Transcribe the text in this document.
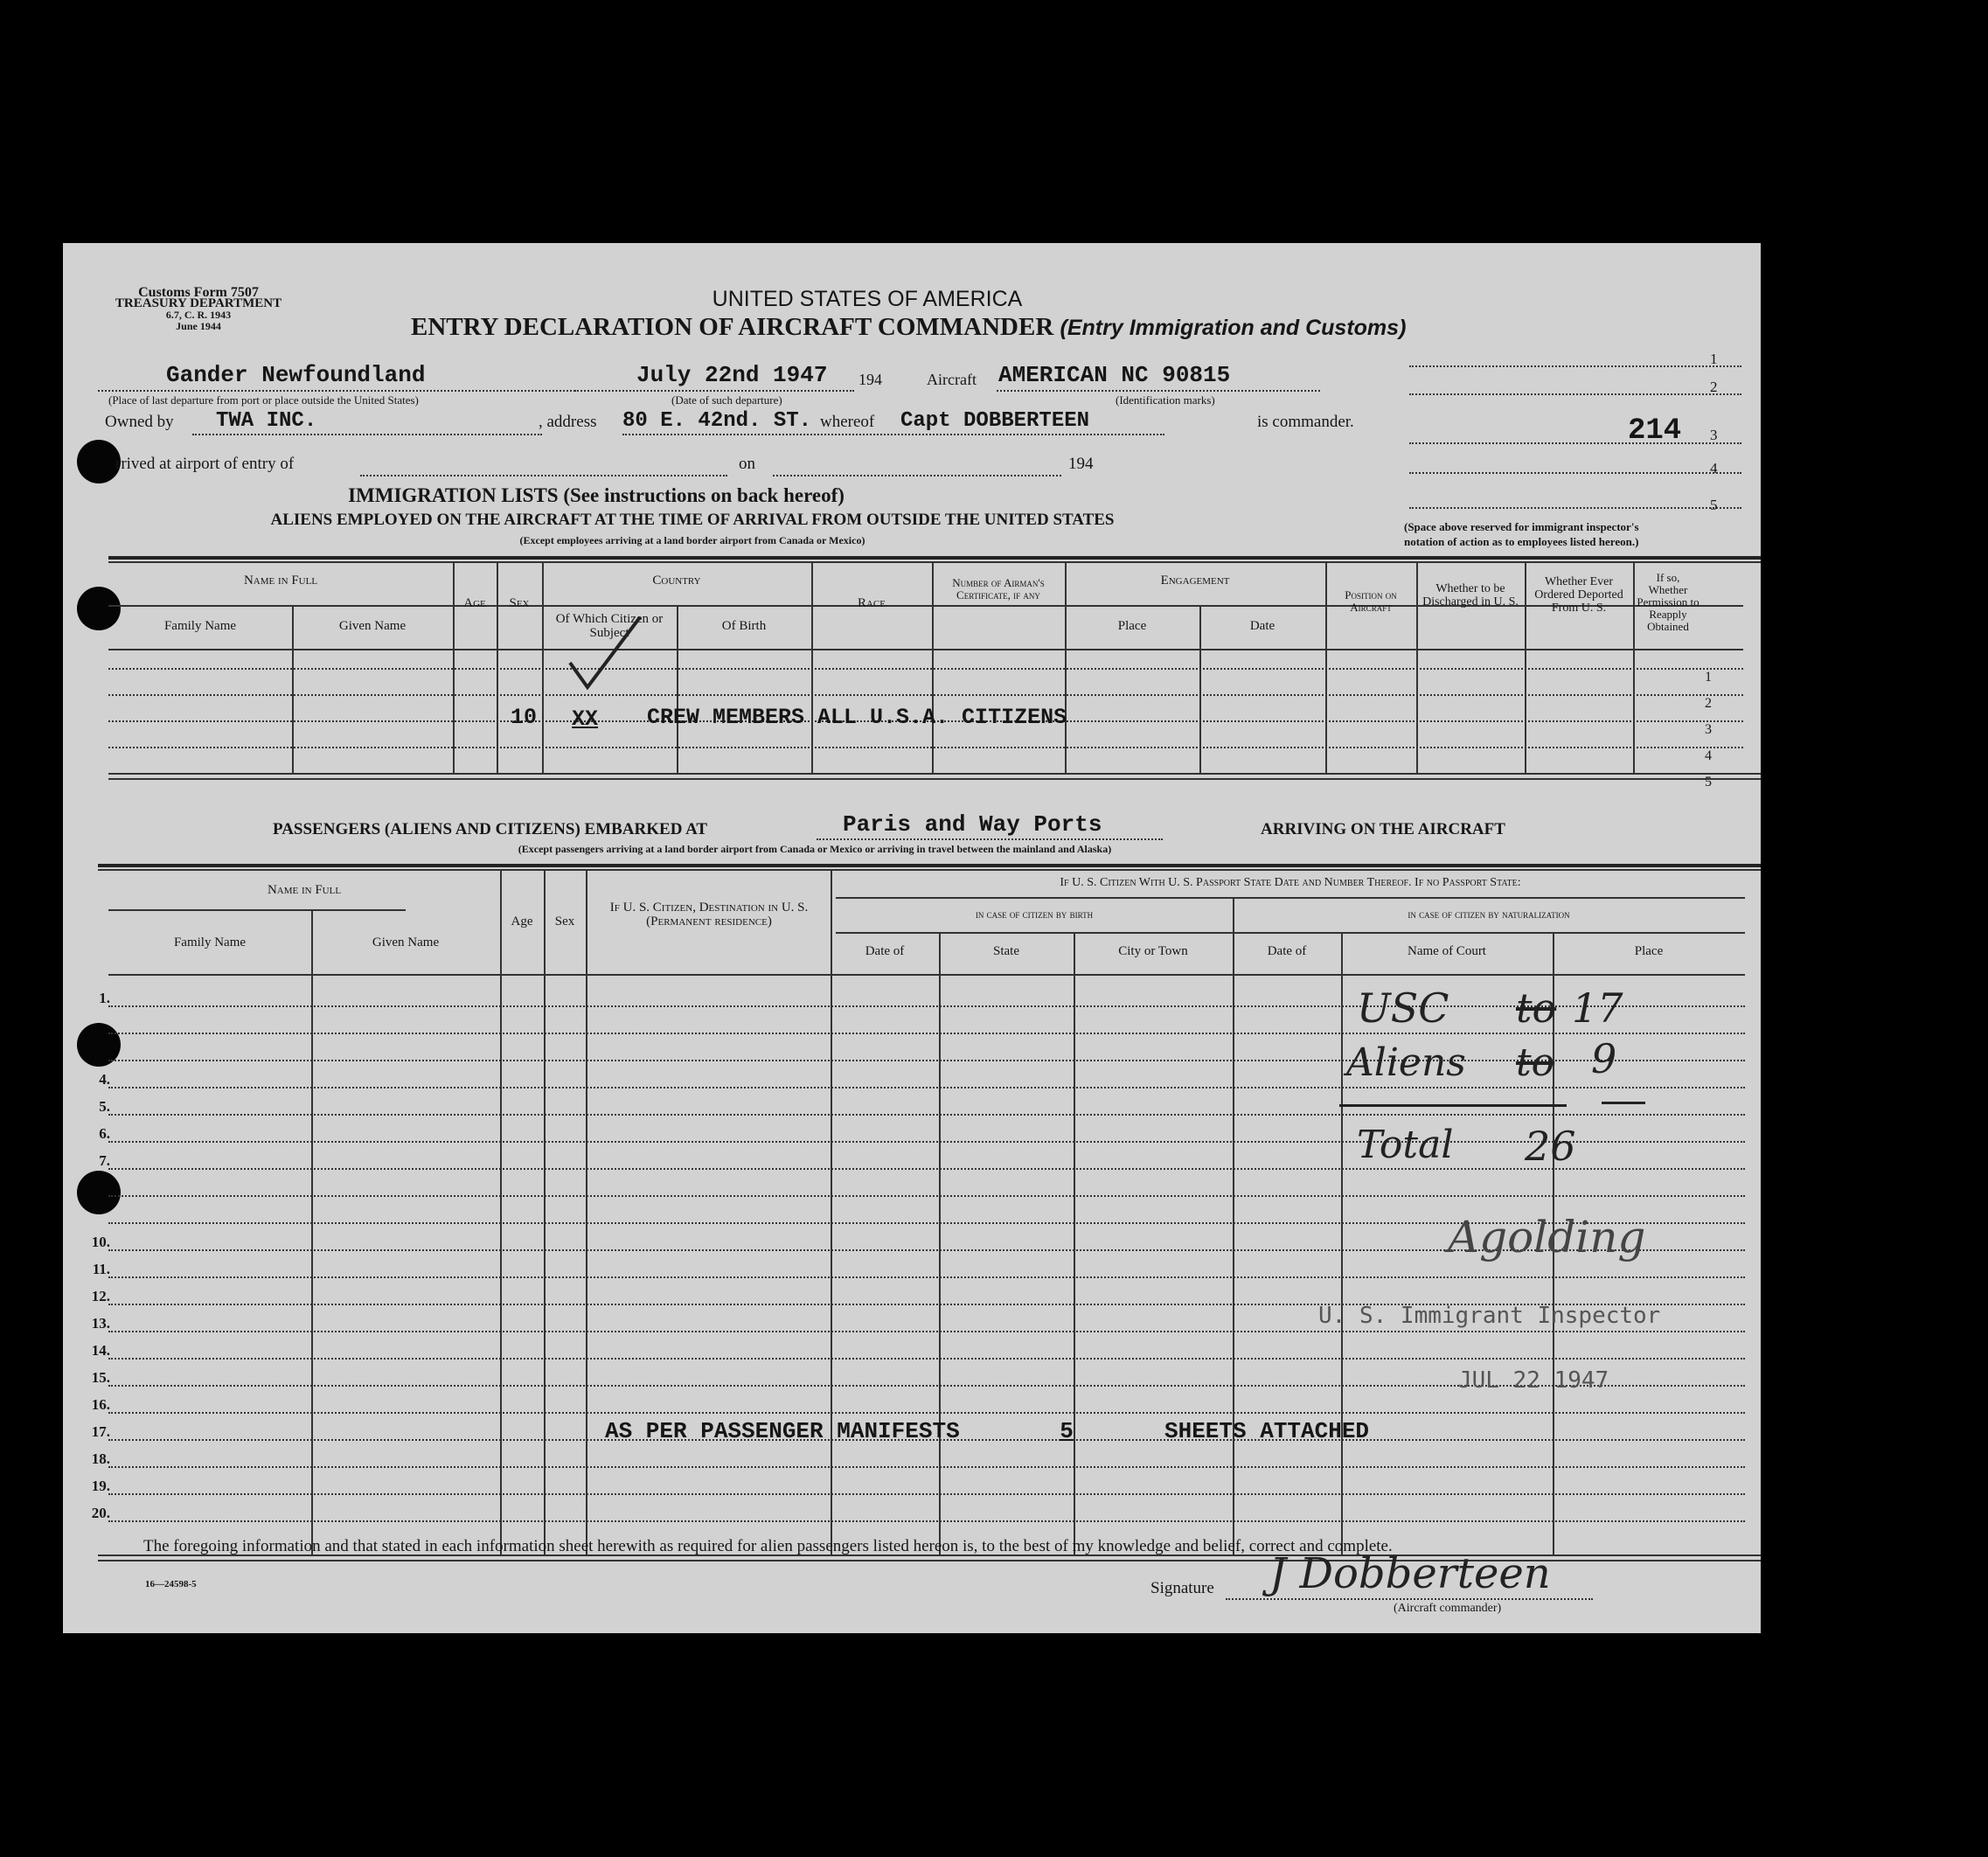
Customs Form 7507
TREASURY DEPARTMENT
6.7, C. R. 1943
June 1944
UNITED STATES OF AMERICA
ENTRY DECLARATION OF AIRCRAFT COMMANDER (Entry Immigration and Customs)
Gander Newfoundland
(Place of last departure from port or place outside the United States)
July 22nd 1947 194
(Date of such departure)
Aircraft AMERICAN NC 90815
(Identification marks)
Owned by TWA INC.	, address 80 E. 42nd. ST. whereof Capt DOBBERTEEN	is commander.
rrived at airport of entry of	on	194
1
2
3
214
4
5
(Space above reserved for immigrant inspector's
notation of action as to employees listed hereon.)
IMMIGRATION LISTS (See instructions on back hereof)
ALIENS EMPLOYED ON THE AIRCRAFT AT THE TIME OF ARRIVAL FROM OUTSIDE THE UNITED STATES
(Except employees arriving at a land border airport from Canada or Mexico)
Name in Full
Family Name	Given Name
Age	Sex
Country
Of Which Citizen or Subject	Of Birth
Race
Number of Airman's Certificate, if any
Engagement
Place	Date
Position on Aircraft
Whether to be Discharged in U. S.
Whether Ever Ordered Deported From U. S.
If so, Whether Permission to Reapply Obtained
1
2
3
4
5
10 XX CREW MEMBERS ALL U.S.A. CITIZENS
PASSENGERS (ALIENS AND CITIZENS) EMBARKED AT	Paris and Way Ports	ARRIVING ON THE AIRCRAFT
(Except passengers arriving at a land border airport from Canada or Mexico or arriving in travel between the mainland and Alaska)
Name in Full
Family Name	Given Name
Age	Sex
If U. S. Citizen, Destination in U. S. (Permanent residence)
If U. S. Citizen With U. S. Passport State Date and Number Thereof. If no Passport State:
in case of citizen by birth	in case of citizen by naturalization
Date of	State	City or Town	Date of	Name of Court	Place
1.
4.
5.
6.
7.
10.
11.
12.
13.
14.
15.
16.
17.
18.
19.
20.
AS PER PASSENGER MANIFESTS	5	SHEETS ATTACHED
USC to 17
Aliens to 9
Total 26
Agolding
U. S. Immigrant Inspector
JUL 22 1947
The foregoing information and that stated in each information sheet herewith as required for alien passengers listed hereon is, to the best of my knowledge and belief, correct and complete.
16—24598-5	Signature J Dobberteen
(Aircraft commander)
